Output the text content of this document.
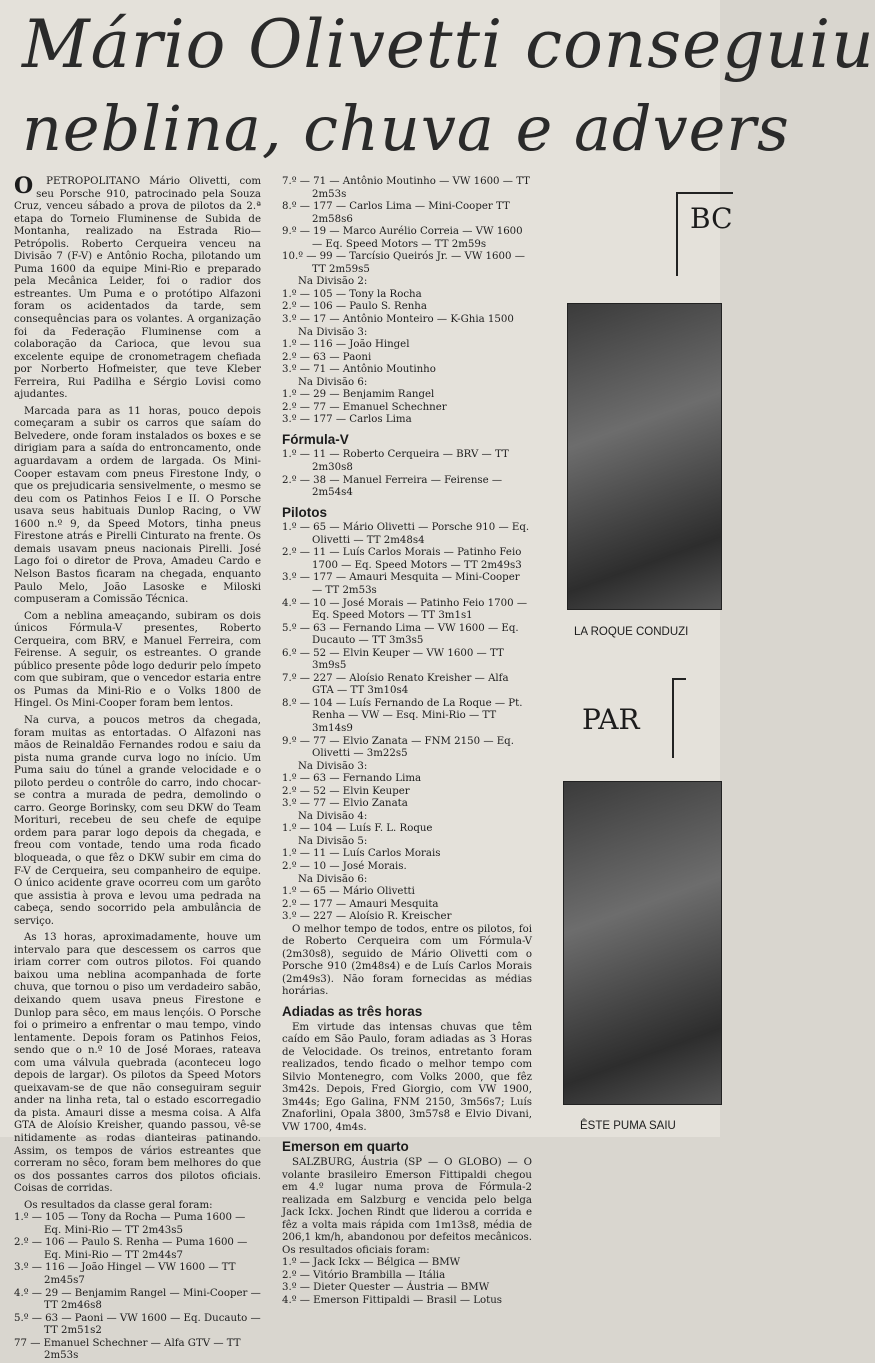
Mário Olivetti conseguiu
neblina, chuva e advers

O PETROPOLITANO Mário Olivetti, com seu Porsche 910, patrocinado pela Souza Cruz, venceu sábado a prova de pilotos da 2.ª etapa do Torneio Fluminense de Subida de Montanha, realizado na Estrada Rio—Petrópolis. Roberto Cerqueira venceu na Divisão 7 (F-V) e Antônio Rocha, pilotando um Puma 1600 da equipe Mini-Rio e preparado pela Mecânica Leider, foi o radior dos estreantes. Um Puma e o protótipo Alfazoni foram os acidentados da tarde, sem consequências para os volantes. A organização foi da Federação Fluminense com a colaboração da Carioca, que levou sua excelente equipe de cronometragem chefiada por Norberto Hofmeister, que teve Kleber Ferreira, Rui Padilha e Sérgio Lovisi como ajudantes.

Marcada para as 11 horas, pouco depois começaram a subir os carros que saíam do Belvedere, onde foram instalados os boxes e se dirigiam para a saída do entroncamento, onde aguardavam a ordem de largada. Os Mini-Cooper estavam com pneus Firestone Indy, o que os prejudicaria sensivelmente, o mesmo se deu com os Patinhos Feios I e II. O Porsche usava seus habituais Dunlop Racing, o VW 1600 n.º 9, da Speed Motors, tinha pneus Firestone atrás e Pirelli Cinturato na frente. Os demais usavam pneus nacionais Pirelli. José Lago foi o diretor de Prova, Amadeu Cardo e Nelson Bastos ficaram na chegada, enquanto Paulo Melo, João Lasoske e Miloski compuseram a Comissão Técnica.

Com a neblina ameaçando, subiram os dois únicos Fórmula-V presentes, Roberto Cerqueira, com BRV, e Manuel Ferreira, com Feirense. A seguir, os estreantes. O grande público presente pôde logo dedurir pelo ímpeto com que subiram, que o vencedor estaria entre os Pumas da Mini-Rio e o Volks 1800 de Hingel. Os Mini-Cooper foram bem lentos.

Na curva, a poucos metros da chegada, foram muitas as entortadas. O Alfazoni nas mãos de Reinaldão Fernandes rodou e saiu da pista numa grande curva logo no início. Um Puma saiu do túnel a grande velocidade e o piloto perdeu o contrôle do carro, indo chocar-se contra a murada de pedra, demolindo o carro. George Borinsky, com seu DKW do Team Morituri, recebeu de seu chefe de equipe ordem para parar logo depois da chegada, e freou com vontade, tendo uma roda ficado bloqueada, o que fêz o DKW subir em cima do F-V de Cerqueira, seu companheiro de equipe. O único acidente grave ocorreu com um garôto que assistia à prova e levou uma pedrada na cabeça, sendo socorrido pela ambulância de serviço.

As 13 horas, aproximadamente, houve um intervalo para que descessem os carros que iriam correr com outros pilotos. Foi quando baixou uma neblina acompanhada de forte chuva, que tornou o piso um verdadeiro sabão, deixando quem usava pneus Firestone e Dunlop para sêco, em maus lençóis. O Porsche foi o primeiro a enfrentar o mau tempo, vindo lentamente. Depois foram os Patinhos Feios, sendo que o n.º 10 de José Moraes, rateava com uma válvula quebrada (aconteceu logo depois de largar). Os pilotos da Speed Motors queixavam-se de que não conseguiram seguir ander na linha reta, tal o estado escorregadio da pista. Amauri disse a mesma coisa. A Alfa GTA de Aloísio Kreisher, quando passou, vê-se nitidamente as rodas dianteiras patinando. Assim, os tempos de vários estreantes que correram no sêco, foram bem melhores do que os dos possantes carros dos pilotos oficiais. Coisas de corridas.

Os resultados da classe geral foram:

1.º — 105 — Tony da Rocha — Puma 1600 — Eq. Mini-Rio — TT 2m43s5
2.º — 106 — Paulo S. Renha — Puma 1600 — Eq. Mini-Rio — TT 2m44s7
3.º — 116 — João Hingel — VW 1600 — TT 2m45s7
4.º — 29 — Benjamim Rangel — Mini-Cooper — TT 2m46s8
5.º — 63 — Paoni — VW 1600 — Eq. Ducauto — TT 2m51s2
77 — Emanuel Schechner — Alfa GTV — TT 2m53s
7.º — 71 — Antônio Moutinho — VW 1600 — TT 2m53s
8.º — 177 — Carlos Lima — Mini-Cooper TT 2m58s6
9.º — 19 — Marco Aurélio Correia — VW 1600 — Eq. Speed Motors — TT 2m59s
10.º — 99 — Tarcísio Queirós Jr. — VW 1600 — TT 2m59s5
Na Divisão 2:
1.º — 105 — Tony la Rocha
2.º — 106 — Paulo S. Renha
3.º — 17 — Antônio Monteiro — K-Ghia 1500
Na Divisão 3:
1.º — 116 — João Hingel
2.º — 63 — Paoni
3.º — 71 — Antônio Moutinho
Na Divisão 6:
1.º — 29 — Benjamim Rangel
2.º — 77 — Emanuel Schechner
3.º — 177 — Carlos Lima
Fórmula-V
1.º — 11 — Roberto Cerqueira — BRV — TT 2m30s8
2.º — 38 — Manuel Ferreira — Feirense — 2m54s4
Pilotos
1.º — 65 — Mário Olivetti — Porsche 910 — Eq. Olivetti — TT 2m48s4
2.º — 11 — Luís Carlos Morais — Patinho Feio 1700 — Eq. Speed Motors — TT 2m49s3
3.º — 177 — Amauri Mesquita — Mini-Cooper — TT 2m53s
4.º — 10 — José Morais — Patinho Feio 1700 — Eq. Speed Motors — TT 3m1s1
5.º — 63 — Fernando Lima — VW 1600 — Eq. Ducauto — TT 3m3s5
6.º — 52 — Elvin Keuper — VW 1600 — TT 3m9s5
7.º — 227 — Aloísio Renato Kreisher — Alfa GTA — TT 3m10s4
8.º — 104 — Luís Fernando de La Roque — Pt. Renha — VW — Esq. Mini-Rio — TT 3m14s9
9.º — 77 — Elvio Zanata — FNM 2150 — Eq. Olivetti — 3m22s5
Na Divisão 3:
1.º — 63 — Fernando Lima
2.º — 52 — Elvin Keuper
3.º — 77 — Elvio Zanata
Na Divisão 4:
1.º — 104 — Luís F. L. Roque
Na Divisão 5:
1.º — 11 — Luís Carlos Morais
2.º — 10 — José Morais.
Na Divisão 6:
1.º — 65 — Mário Olivetti
2.º — 177 — Amauri Mesquita
3.º — 227 — Aloísio R. Kreischer

O melhor tempo de todos, entre os pilotos, foi de Roberto Cerqueira com um Fórmula-V (2m30s8), seguido de Mário Olivetti com o Porsche 910 (2m48s4) e de Luís Carlos Morais (2m49s3). Não foram fornecidas as médias horárias.

Adiadas as três horas

Em virtude das intensas chuvas que têm caído em São Paulo, foram adiadas as 3 Horas de Velocidade. Os treinos, entretanto foram realizados, tendo ficado o melhor tempo com Silvio Montenegro, com Volks 2000, que fêz 3m42s. Depois, Fred Giorgio, com VW 1900, 3m44s; Ego Galina, FNM 2150, 3m56s7; Luís Znaforlini, Opala 3800, 3m57s8 e Elvio Divani, VW 1700, 4m4s.

Emerson em quarto

SALZBURG, Áustria (SP — O GLOBO) — O volante brasileiro Emerson Fittipaldi chegou em 4.º lugar numa prova de Fórmula-2 realizada em Salzburg e vencida pelo belga Jack Ickx. Jochen Rindt que liderou a corrida e fêz a volta mais rápida com 1m13s8, média de 206,1 km/h, abandonou por defeitos mecânicos. Os resultados oficiais foram:

1.º — Jack Ickx — Bélgica — BMW
2.º — Vitório Brambilla — Itália
3.º — Dieter Quester — Áustria — BMW
4.º — Emerson Fittipaldi — Brasil — Lotus
BC
LA ROQUE CONDUZI
PAR
ÊSTE PUMA SAIU
